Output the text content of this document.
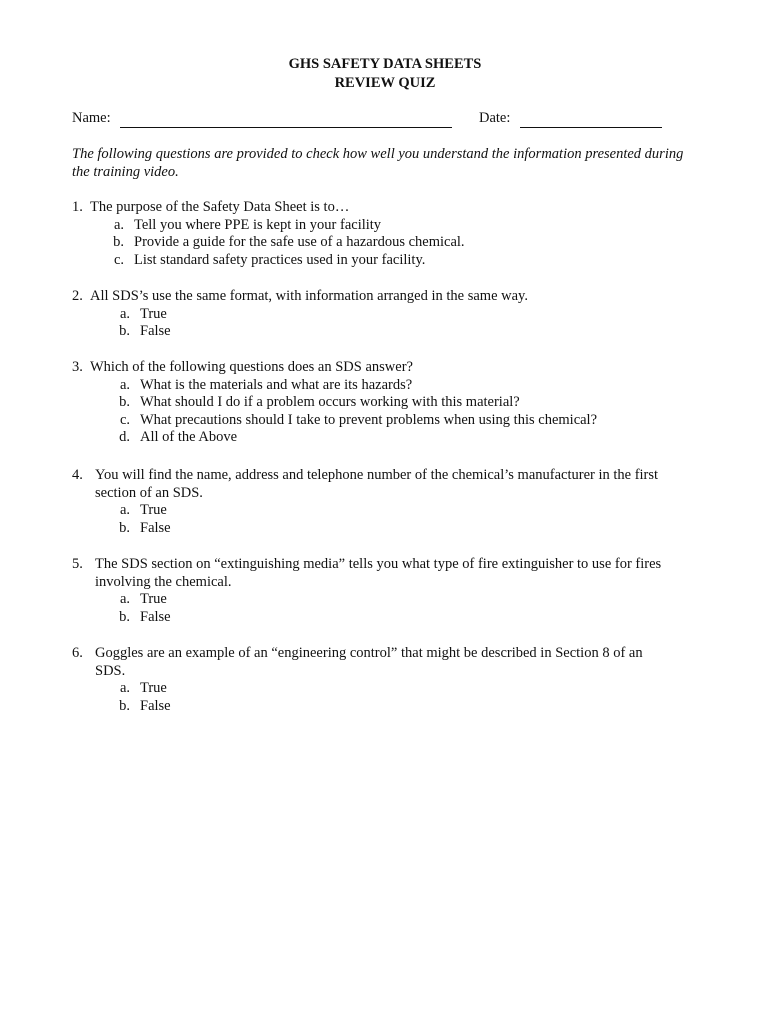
GHS SAFETY DATA SHEETS
REVIEW QUIZ
Name:	Date:
The following questions are provided to check how well you understand the information presented during the training video.
1. The purpose of the Safety Data Sheet is to…
a. Tell you where PPE is kept in your facility
b. Provide a guide for the safe use of a hazardous chemical.
c. List standard safety practices used in your facility.
2. All SDS’s use the same format, with information arranged in the same way.
a. True
b. False
3. Which of the following questions does an SDS answer?
a. What is the materials and what are its hazards?
b. What should I do if a problem occurs working with this material?
c. What precautions should I take to prevent problems when using this chemical?
d. All of the Above
4. You will find the name, address and telephone number of the chemical’s manufacturer in the first
section of an SDS.
a. True
b. False
5. The SDS section on “extinguishing media” tells you what type of fire extinguisher to use for fires
involving the chemical.
a. True
b. False
6. Goggles are an example of an “engineering control” that might be described in Section 8 of an
SDS.
a. True
b. False
